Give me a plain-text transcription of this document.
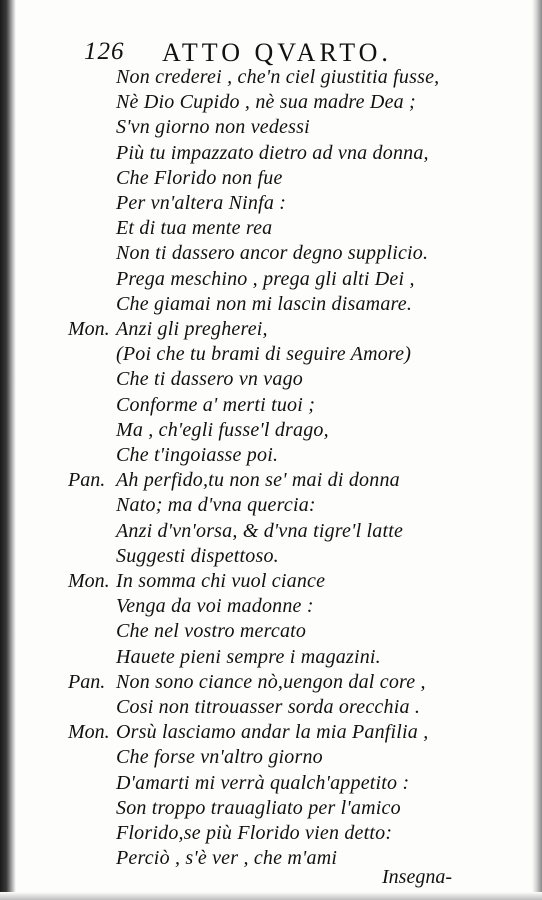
126 ATTO QVARTO.
Non crederei , che'n ciel giustitia fusse,
Nè Dio Cupido , nè sua madre Dea ;
S'vn giorno non vedessi
Più tu impazzato dietro ad vna donna,
Che Florido non fue
Per vn'altera Ninfa :
Et di tua mente rea
Non ti dassero ancor degno supplicio.
Prega meschino , prega gli alti Dei ,
Che giamai non mi lascin disamare.
Mon. Anzi gli pregherei,
(Poi che tu brami di seguire Amore)
Che ti dassero vn vago
Conforme a' merti tuoi ;
Ma , ch'egli fusse'l drago,
Che t'ingoiasse poi.
Pan. Ah perfido,tu non se' mai di donna
Nato; ma d'vna quercia:
Anzi d'vn'orsa, & d'vna tigre'l latte
Suggesti dispettoso.
Mon. In somma chi vuol ciance
Venga da voi madonne :
Che nel vostro mercato
Hauete pieni sempre i magazini.
Pan. Non sono ciance nò,uengon dal core ,
Cosi non titrouasser sorda orecchia .
Mon. Orsù lasciamo andar la mia Panfilia ,
Che forse vn'altro giorno
D'amarti mi verrà qualch'appetito :
Son troppo trauagliato per l'amico
Florido,se più Florido vien detto:
Perciò , s'è ver , che m'ami
Insegna-
